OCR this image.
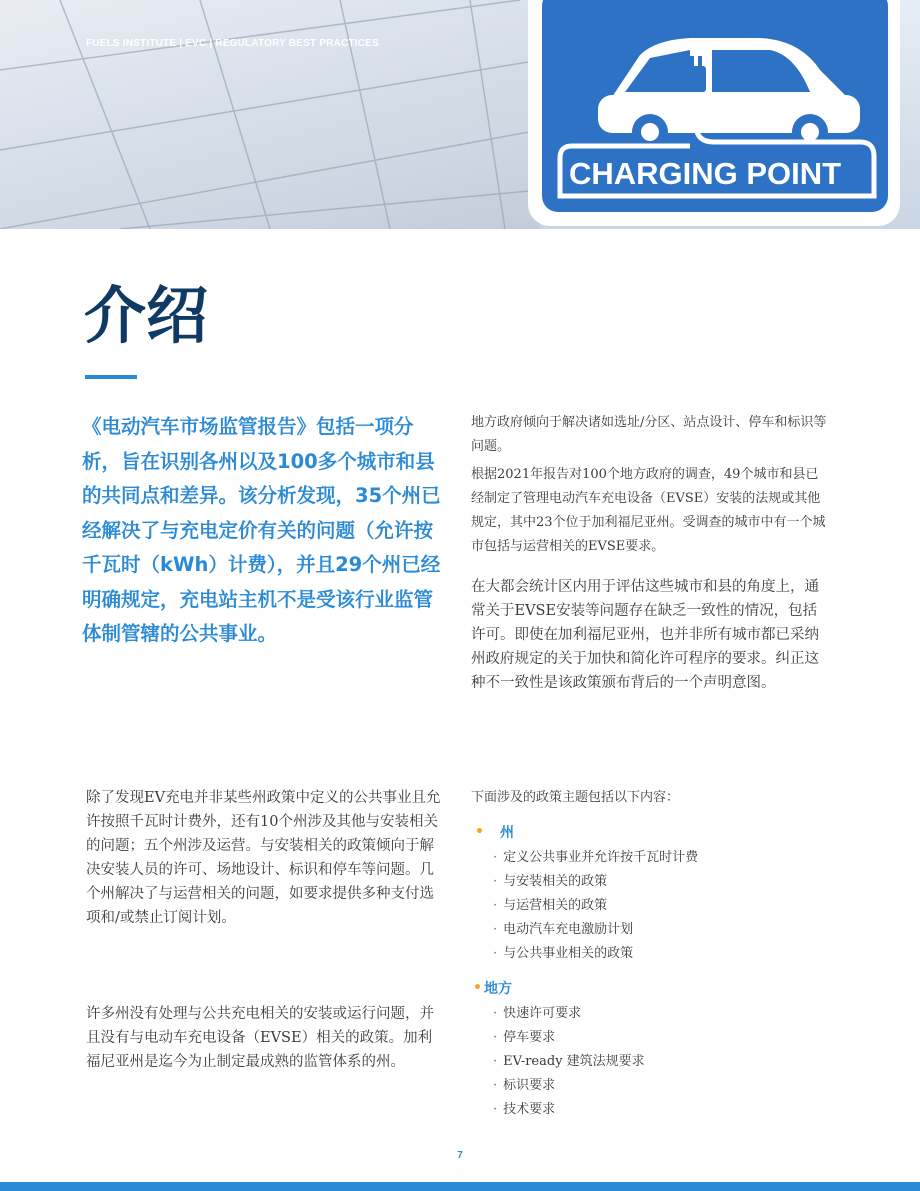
CHARGING POINT
FUELS INSTITUTE | EVC | REGULATORY BEST PRACTICES
介绍
《电动汽车市场监管报告》包括一项分析，旨在识别各州以及100多个城市和县的共同点和差异。该分析发现，35个州已经解决了与充电定价有关的问题（允许按千瓦时（kWh）计费），并且29个州已经明确规定，充电站主机不是受该行业监管体制管辖的公共事业。

地方政府倾向于解决诸如选址/分区、站点设计、停车和标识等问题。

根据2021年报告对100个地方政府的调查，49个城市和县已经制定了管理电动汽车充电设备（EVSE）安装的法规或其他规定，其中23个位于加利福尼亚州。受调查的城市中有一个城市包括与运营相关的EVSE要求。

在大都会统计区内用于评估这些城市和县的角度上，通常关于EVSE安装等问题存在缺乏一致性的情况，包括许可。即使在加利福尼亚州，也并非所有城市都已采纳州政府规定的关于加快和简化许可程序的要求。纠正这种不一致性是该政策颁布背后的一个声明意图。

除了发现EV充电并非某些州政策中定义的公共事业且允许按照千瓦时计费外，还有10个州涉及其他与安装相关的问题；五个州涉及运营。与安装相关的政策倾向于解决安装人员的许可、场地设计、标识和停车等问题。几个州解决了与运营相关的问题，如要求提供多种支付选项和/或禁止订阅计划。

许多州没有处理与公共充电相关的安装或运行问题，并且没有与电动车充电设备（EVSE）相关的政策。加利福尼亚州是迄今为止制定最成熟的监管体系的州。

下面涉及的政策主题包括以下内容：

• 州

· 定义公共事业并允许按千瓦时计费

· 与安装相关的政策

· 与运营相关的政策

· 电动汽车充电激励计划

· 与公共事业相关的政策

• 地方

· 快速许可要求

· 停车要求

· EV-ready 建筑法规要求

· 标识要求

· 技术要求

7
